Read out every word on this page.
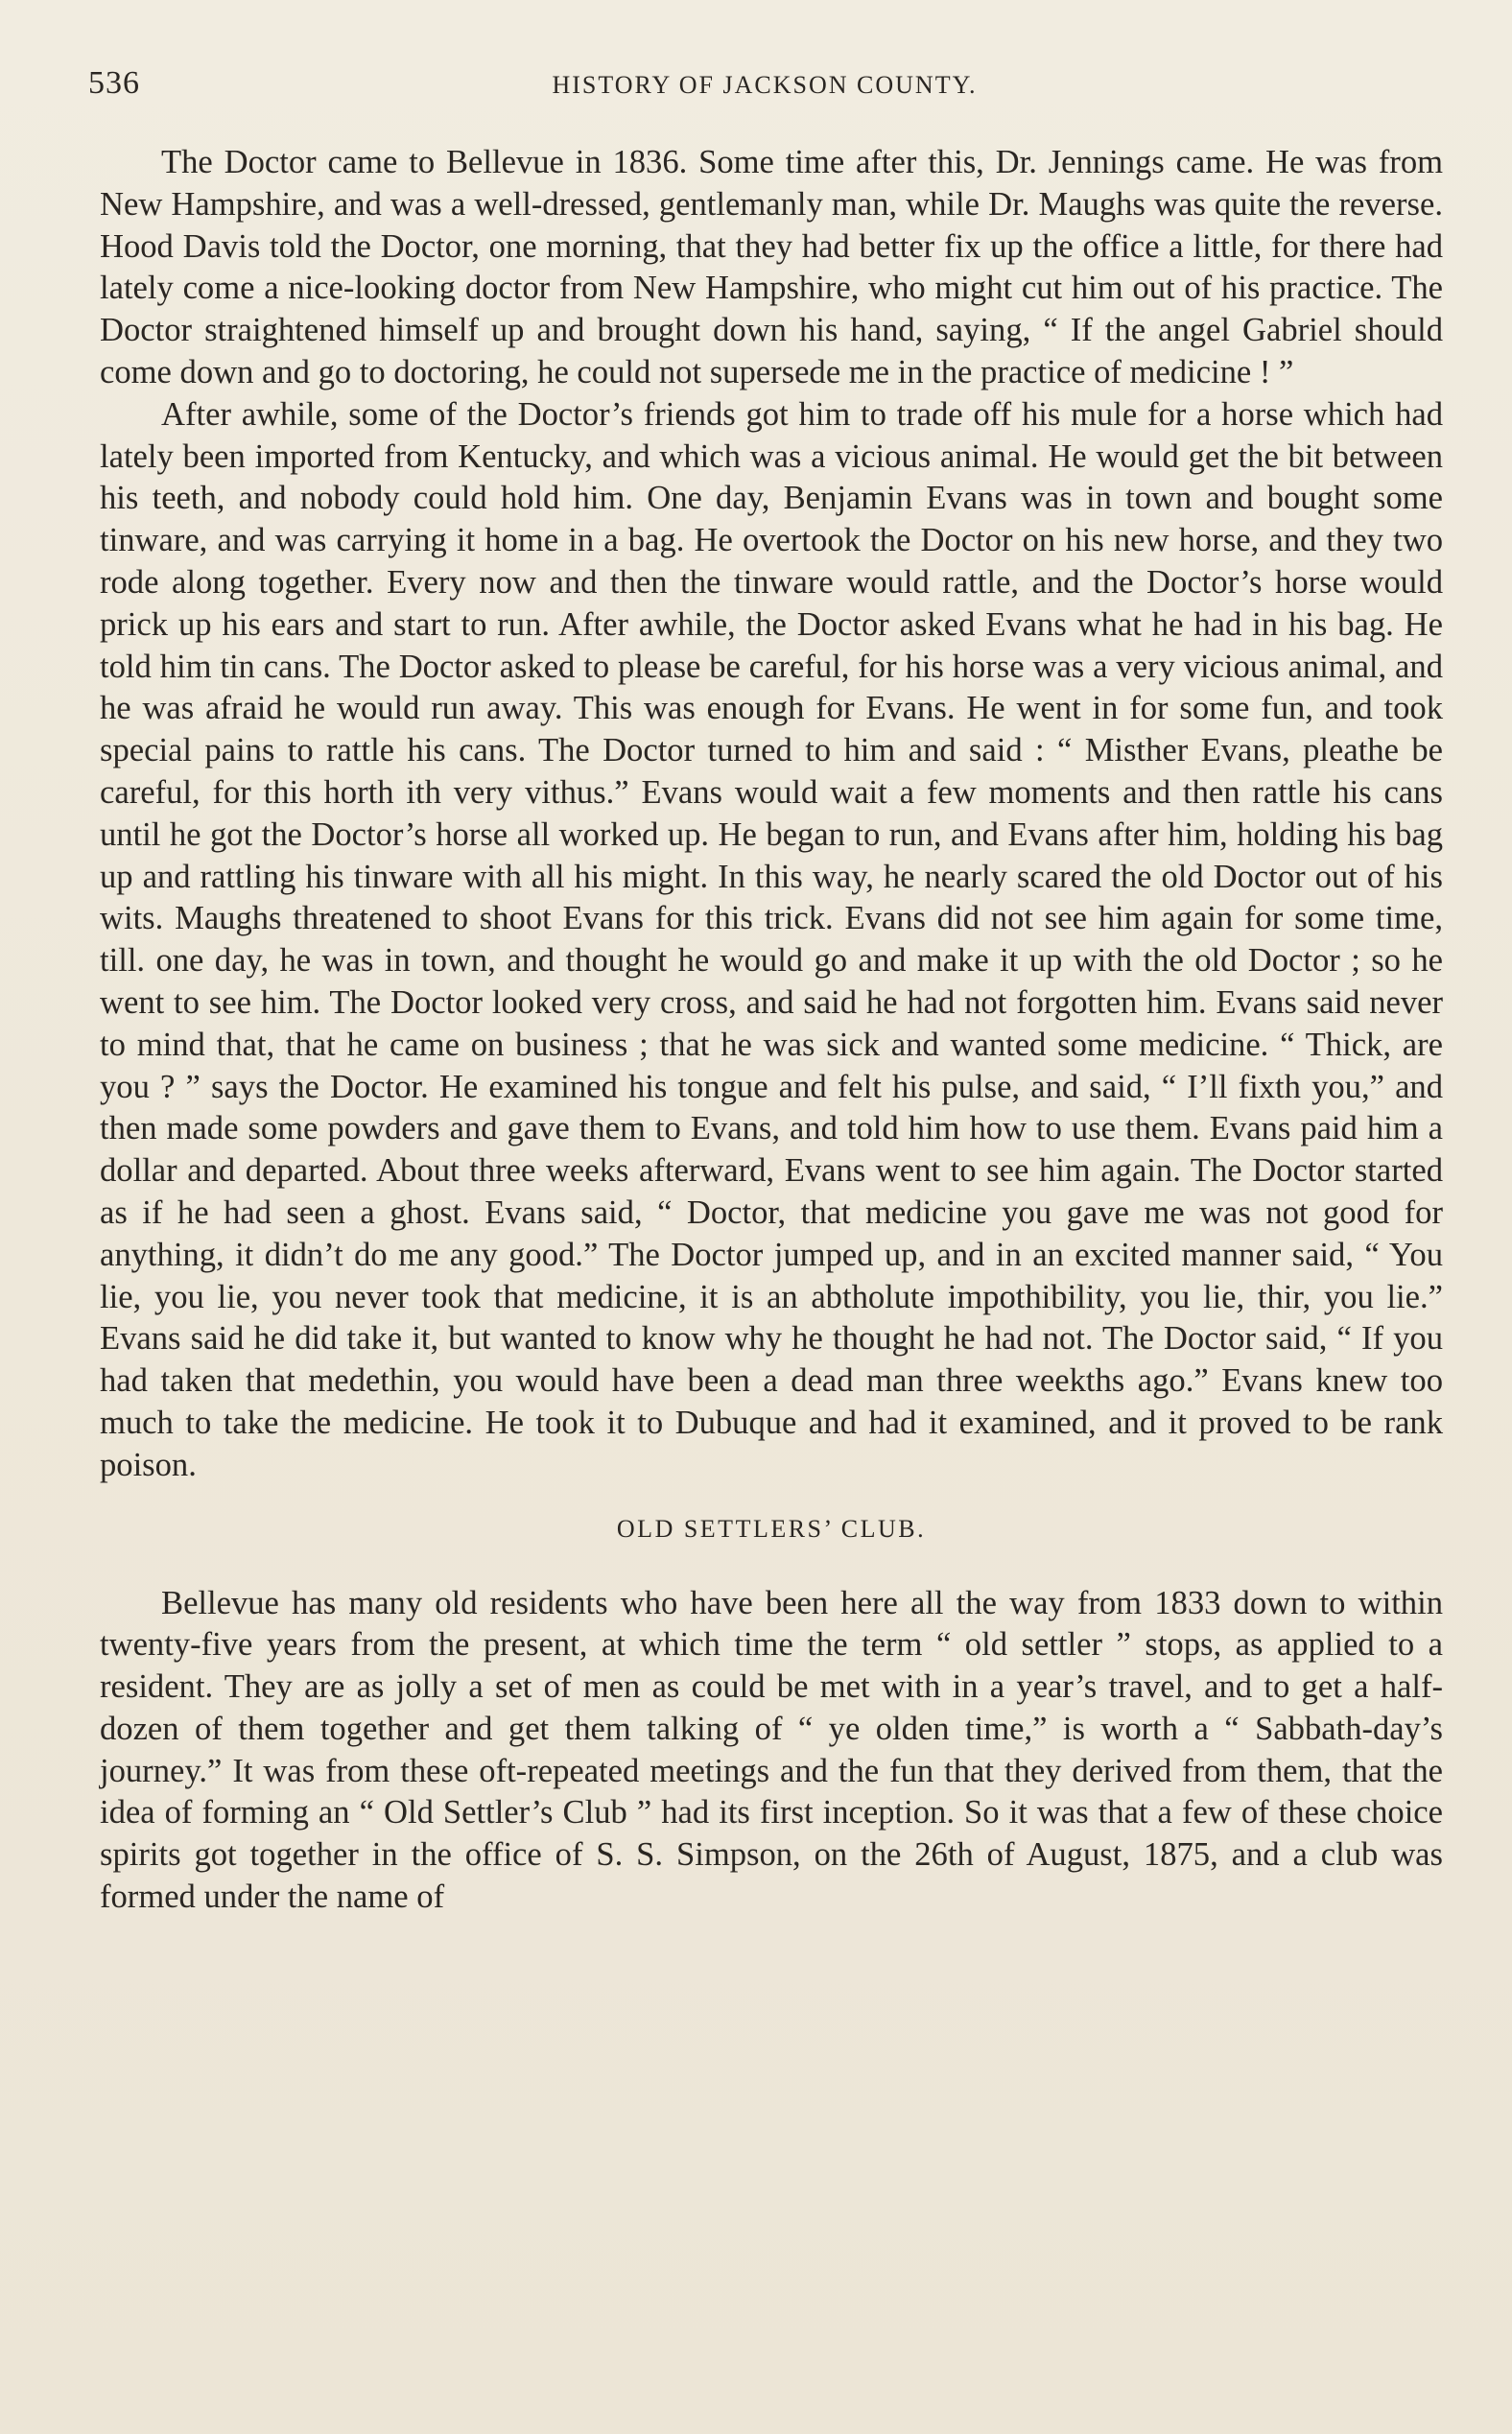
536	HISTORY OF JACKSON COUNTY.

The Doctor came to Bellevue in 1836. Some time after this, Dr. Jennings came. He was from New Hampshire, and was a well-dressed, gentlemanly man, while Dr. Maughs was quite the reverse. Hood Davis told the Doctor, one morning, that they had better fix up the office a little, for there had lately come a nice-looking doctor from New Hampshire, who might cut him out of his practice. The Doctor straightened himself up and brought down his hand, saying, “ If the angel Gabriel should come down and go to doctoring, he could not supersede me in the practice of medicine ! ”

After awhile, some of the Doctor’s friends got him to trade off his mule for a horse which had lately been imported from Kentucky, and which was a vicious animal. He would get the bit between his teeth, and nobody could hold him. One day, Benjamin Evans was in town and bought some tinware, and was carrying it home in a bag. He overtook the Doctor on his new horse, and they two rode along together. Every now and then the tinware would rattle, and the Doctor’s horse would prick up his ears and start to run. After awhile, the Doctor asked Evans what he had in his bag. He told him tin cans. The Doctor asked to please be careful, for his horse was a very vicious animal, and he was afraid he would run away. This was enough for Evans. He went in for some fun, and took special pains to rattle his cans. The Doctor turned to him and said : “ Misther Evans, pleathe be careful, for this horth ith very vithus.” Evans would wait a few moments and then rattle his cans until he got the Doctor’s horse all worked up. He began to run, and Evans after him, holding his bag up and rattling his tinware with all his might. In this way, he nearly scared the old Doctor out of his wits. Maughs threatened to shoot Evans for this trick. Evans did not see him again for some time, till. one day, he was in town, and thought he would go and make it up with the old Doctor ; so he went to see him. The Doctor looked very cross, and said he had not forgotten him. Evans said never to mind that, that he came on business ; that he was sick and wanted some medicine. “ Thick, are you ? ” says the Doctor. He examined his tongue and felt his pulse, and said, “ I’ll fixth you,” and then made some powders and gave them to Evans, and told him how to use them. Evans paid him a dollar and departed. About three weeks afterward, Evans went to see him again. The Doctor started as if he had seen a ghost. Evans said, “ Doctor, that medicine you gave me was not good for anything, it didn’t do me any good.” The Doctor jumped up, and in an excited manner said, “ You lie, you lie, you never took that medicine, it is an abtholute impothibility, you lie, thir, you lie.” Evans said he did take it, but wanted to know why he thought he had not. The Doctor said, “ If you had taken that medethin, you would have been a dead man three weekths ago.” Evans knew too much to take the medicine. He took it to Dubuque and had it examined, and it proved to be rank poison.

OLD SETTLERS’ CLUB.

Bellevue has many old residents who have been here all the way from 1833 down to within twenty-five years from the present, at which time the term “ old settler ” stops, as applied to a resident. They are as jolly a set of men as could be met with in a year’s travel, and to get a half-dozen of them together and get them talking of “ ye olden time,” is worth a “ Sabbath-day’s journey.” It was from these oft-repeated meetings and the fun that they derived from them, that the idea of forming an “ Old Settler’s Club ” had its first inception. So it was that a few of these choice spirits got together in the office of S. S. Simpson, on the 26th of August, 1875, and a club was formed under the name of
